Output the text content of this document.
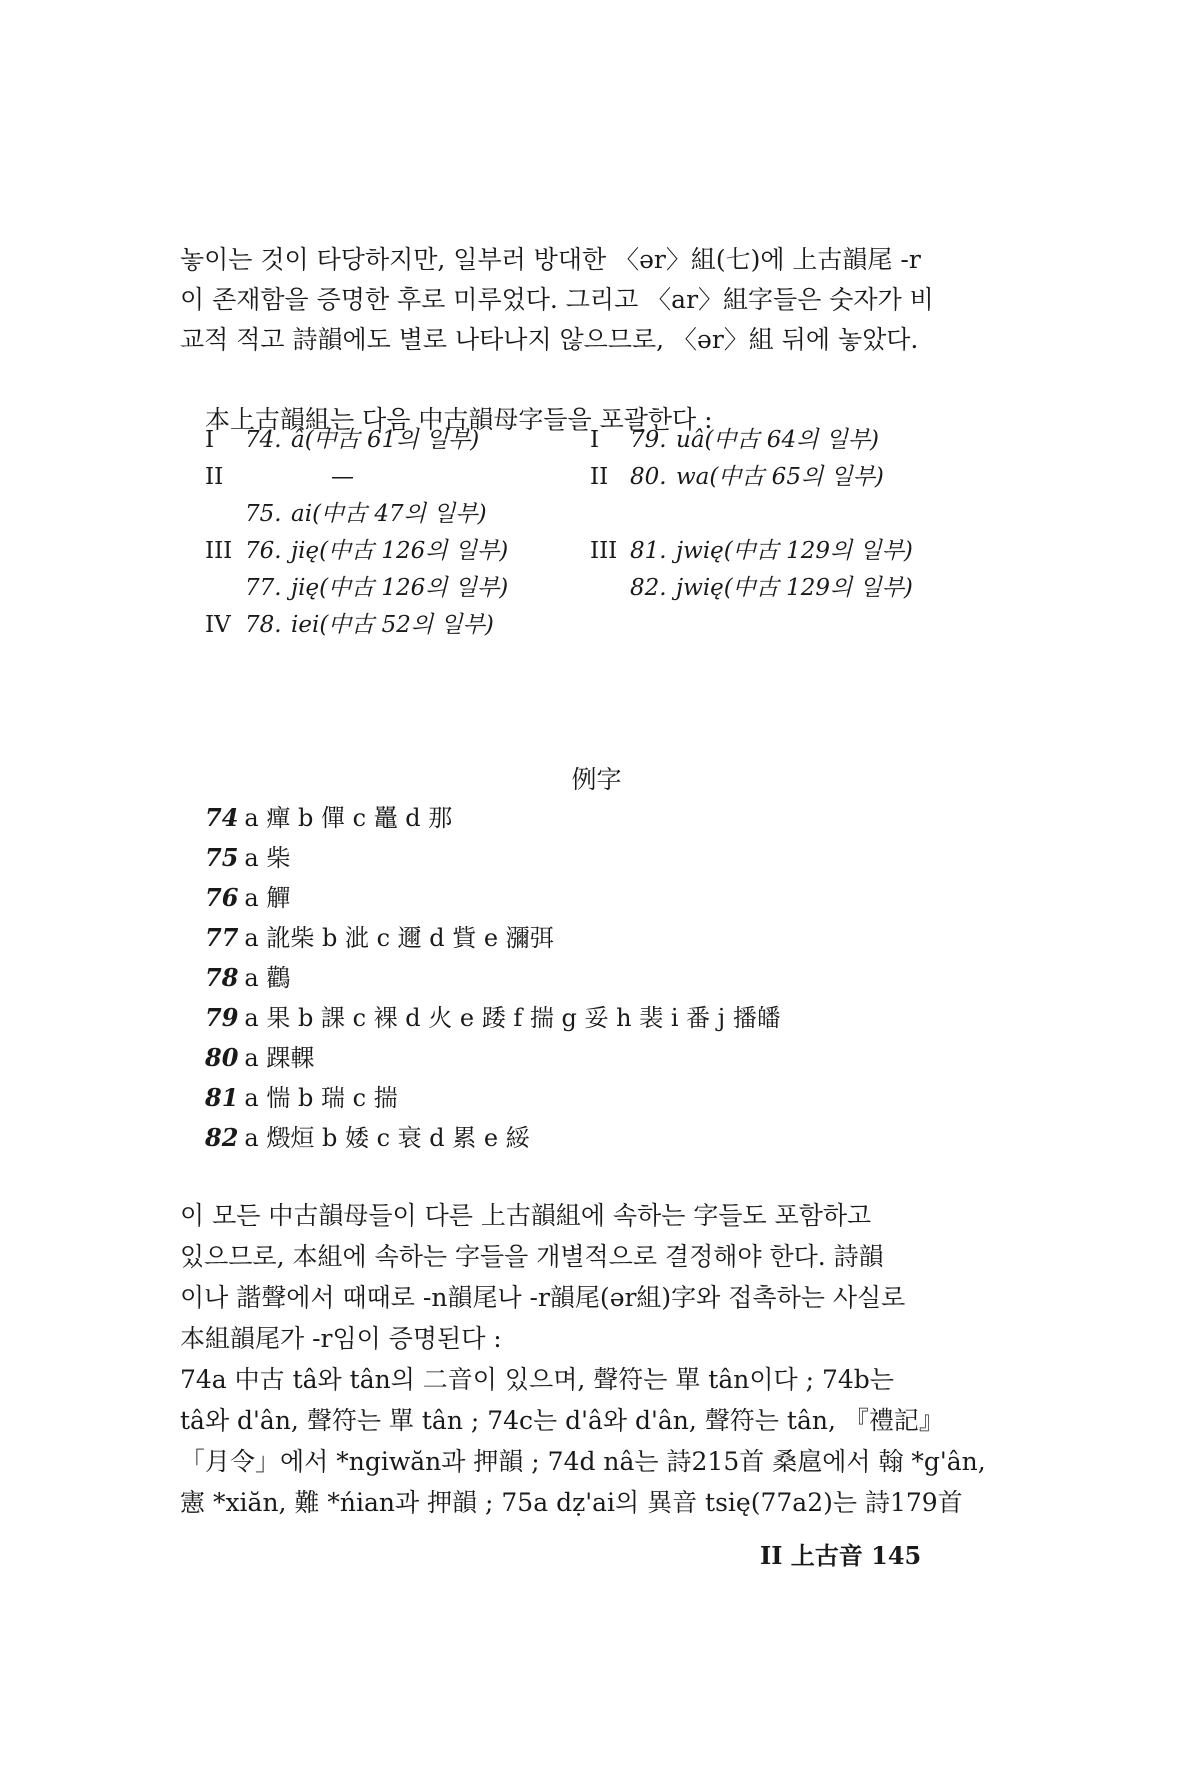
놓이는 것이 타당하지만, 일부러 방대한 〈ər〉組(七)에 上古韻尾 -r

이 존재함을 증명한 후로 미루었다. 그리고 〈ar〉組字들은 숫자가 비

교적 적고 詩韻에도 별로 나타나지 않으므로, 〈ər〉組 뒤에 놓았다.

本上古韻組는 다음 中古韻母字들을 포괄한다 :
I 74. â(中古 61의 일부)
II	—
75. ai(中古 47의 일부)
III 76. jię(中古 126의 일부)
77. jię(中古 126의 일부)
IV 78. iei(中古 52의 일부)
I 79. uâ(中古 64의 일부)
II 80. wa(中古 65의 일부)
III 81. jwię(中古 129의 일부)
82. jwię(中古 129의 일부)
例字
74 a 癉 b 僤 c 鼉 d 那
75 a 柴
76 a 觶
77 a 訛柴 b 泚 c 邇 d 貲 e 瀰弭
78 a 鸛
79 a 果 b 課 c 裸 d 火 e 踒 f 揣 g 妥 h 裴 i 番 j 播皤
80 a 踝輠
81 a 惴 b 瑞 c 揣
82 a 燬烜 b 婑 c 衰 d 累 e 綏

이 모든 中古韻母들이 다른 上古韻組에 속하는 字들도 포함하고

있으므로, 本組에 속하는 字들을 개별적으로 결정해야 한다. 詩韻

이나 諧聲에서 때때로 -n韻尾나 -r韻尾(ər組)字와 접촉하는 사실로

本組韻尾가 -r임이 증명된다 :

74a 中古 tâ와 tân의 二音이 있으며, 聲符는 單 tân이다 ; 74b는

tâ와 d'ân, 聲符는 單 tân ; 74c는 d'â와 d'ân, 聲符는 tân, 『禮記』

「月令」에서 *ngiwăn과 押韻 ; 74d nâ는 詩215首 桑扈에서 翰 *g'ân,

憲 *xiăn, 難 *ńian과 押韻 ; 75a dẓ'ai의 異音 tsię(77a2)는 詩179首

II 上古音 145
